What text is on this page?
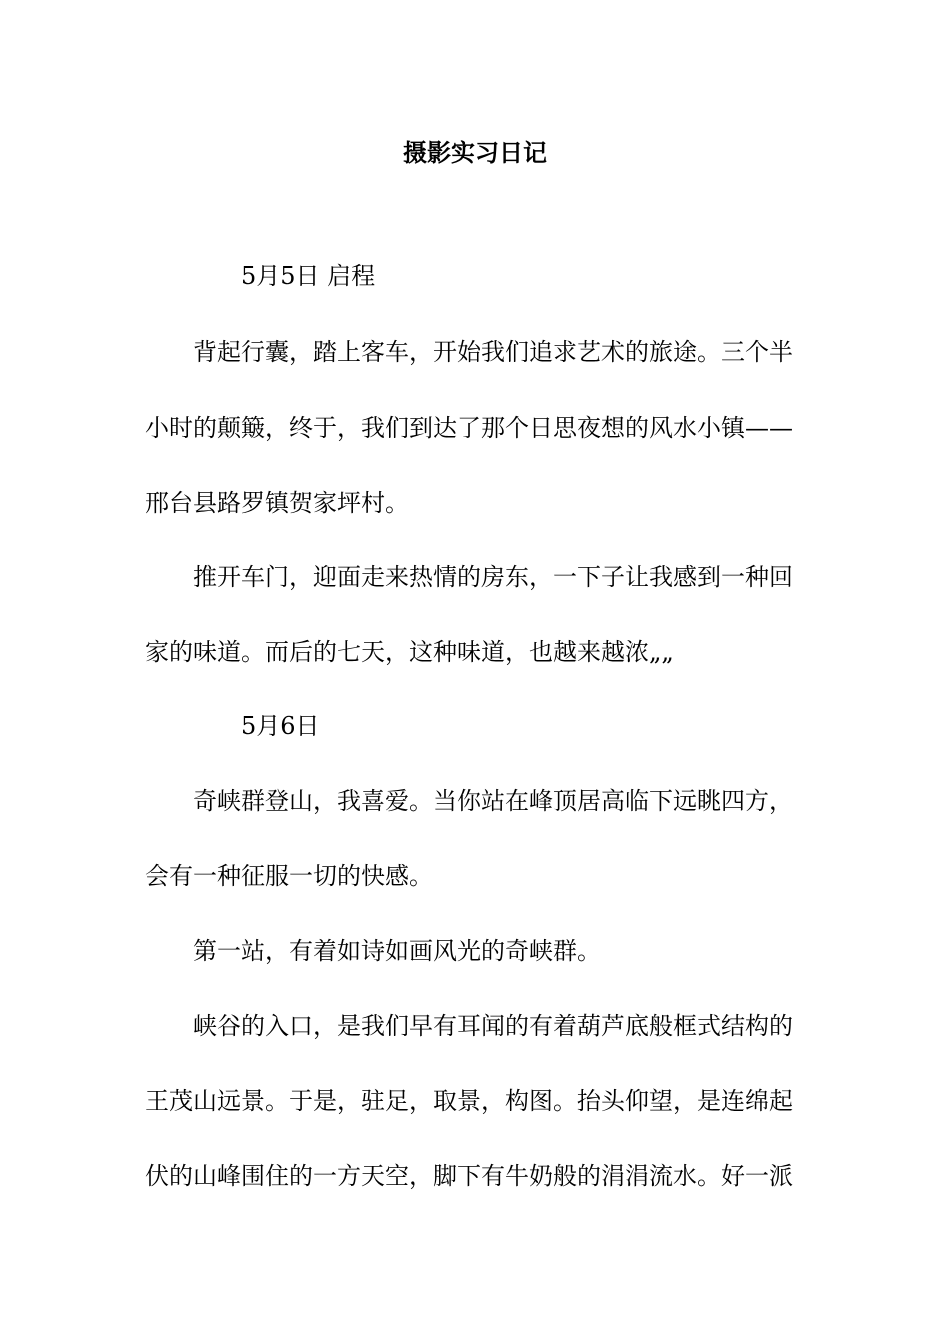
摄影实习日记

5月5日 启程

背起行囊，踏上客车，开始我们追求艺术的旅途。三个半

小时的颠簸，终于，我们到达了那个日思夜想的风水小镇——

邢台县路罗镇贺家坪村。

推开车门，迎面走来热情的房东，一下子让我感到一种回

家的味道。而后的七天，这种味道，也越来越浓„„

5月6日

奇峡群登山，我喜爱。当你站在峰顶居高临下远眺四方，

会有一种征服一切的快感。

第一站，有着如诗如画风光的奇峡群。

峡谷的入口，是我们早有耳闻的有着葫芦底般框式结构的

王茂山远景。于是，驻足，取景，构图。抬头仰望，是连绵起

伏的山峰围住的一方天空，脚下有牛奶般的涓涓流水。好一派
